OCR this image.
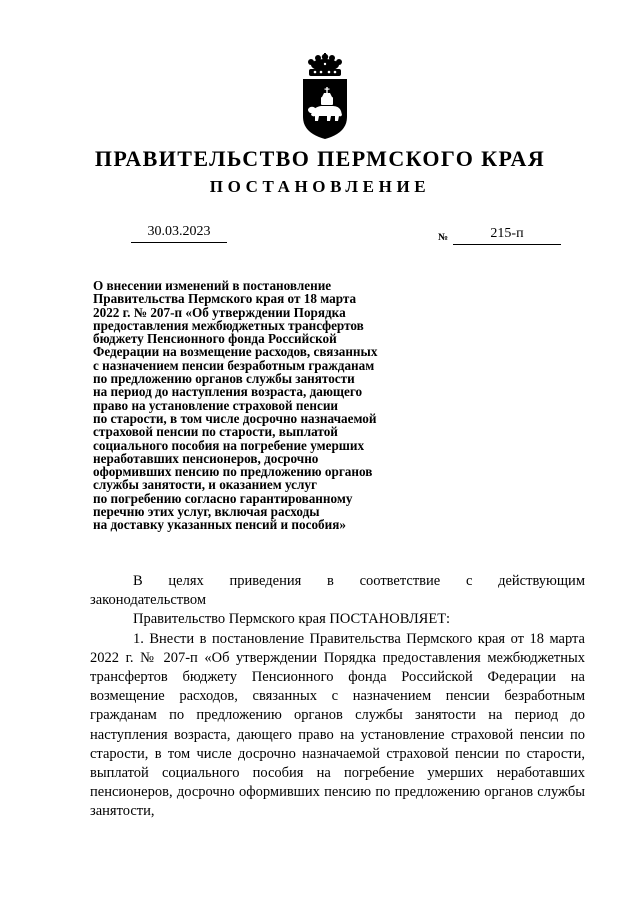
ПРАВИТЕЛЬСТВО ПЕРМСКОГО КРАЯ
ПОСТАНОВЛЕНИЕ
30.03.2023	№	215-п
О внесении изменений в постановление
Правительства Пермского края от 18 марта
2022 г. № 207-п «Об утверждении Порядка
предоставления межбюджетных трансфертов
бюджету Пенсионного фонда Российской
Федерации на возмещение расходов, связанных
с назначением пенсии безработным гражданам
по предложению органов службы занятости
на период до наступления возраста, дающего
право на установление страховой пенсии
по старости, в том числе досрочно назначаемой
страховой пенсии по старости, выплатой
социального пособия на погребение умерших
неработавших пенсионеров, досрочно
оформивших пенсию по предложению органов
службы занятости, и оказанием услуг
по погребению согласно гарантированному
перечню этих услуг, включая расходы
на доставку указанных пенсий и пособия»

В целях приведения в соответствие с действующим

законодательством

Правительство Пермского края ПОСТАНОВЛЯЕТ:

1. Внести в постановление Правительства Пермского края от 18 марта 2022 г. № 207-п «Об утверждении Порядка предоставления межбюджетных трансфертов бюджету Пенсионного фонда Российской Федерации на возмещение расходов, связанных с назначением пенсии безработным гражданам по предложению органов службы занятости на период до наступления возраста, дающего право на установление страховой пенсии по старости, в том числе досрочно назначаемой страховой пенсии по старости, выплатой социального пособия на погребение умерших неработавших пенсионеров, досрочно оформивших пенсию по предложению органов службы занятости,
